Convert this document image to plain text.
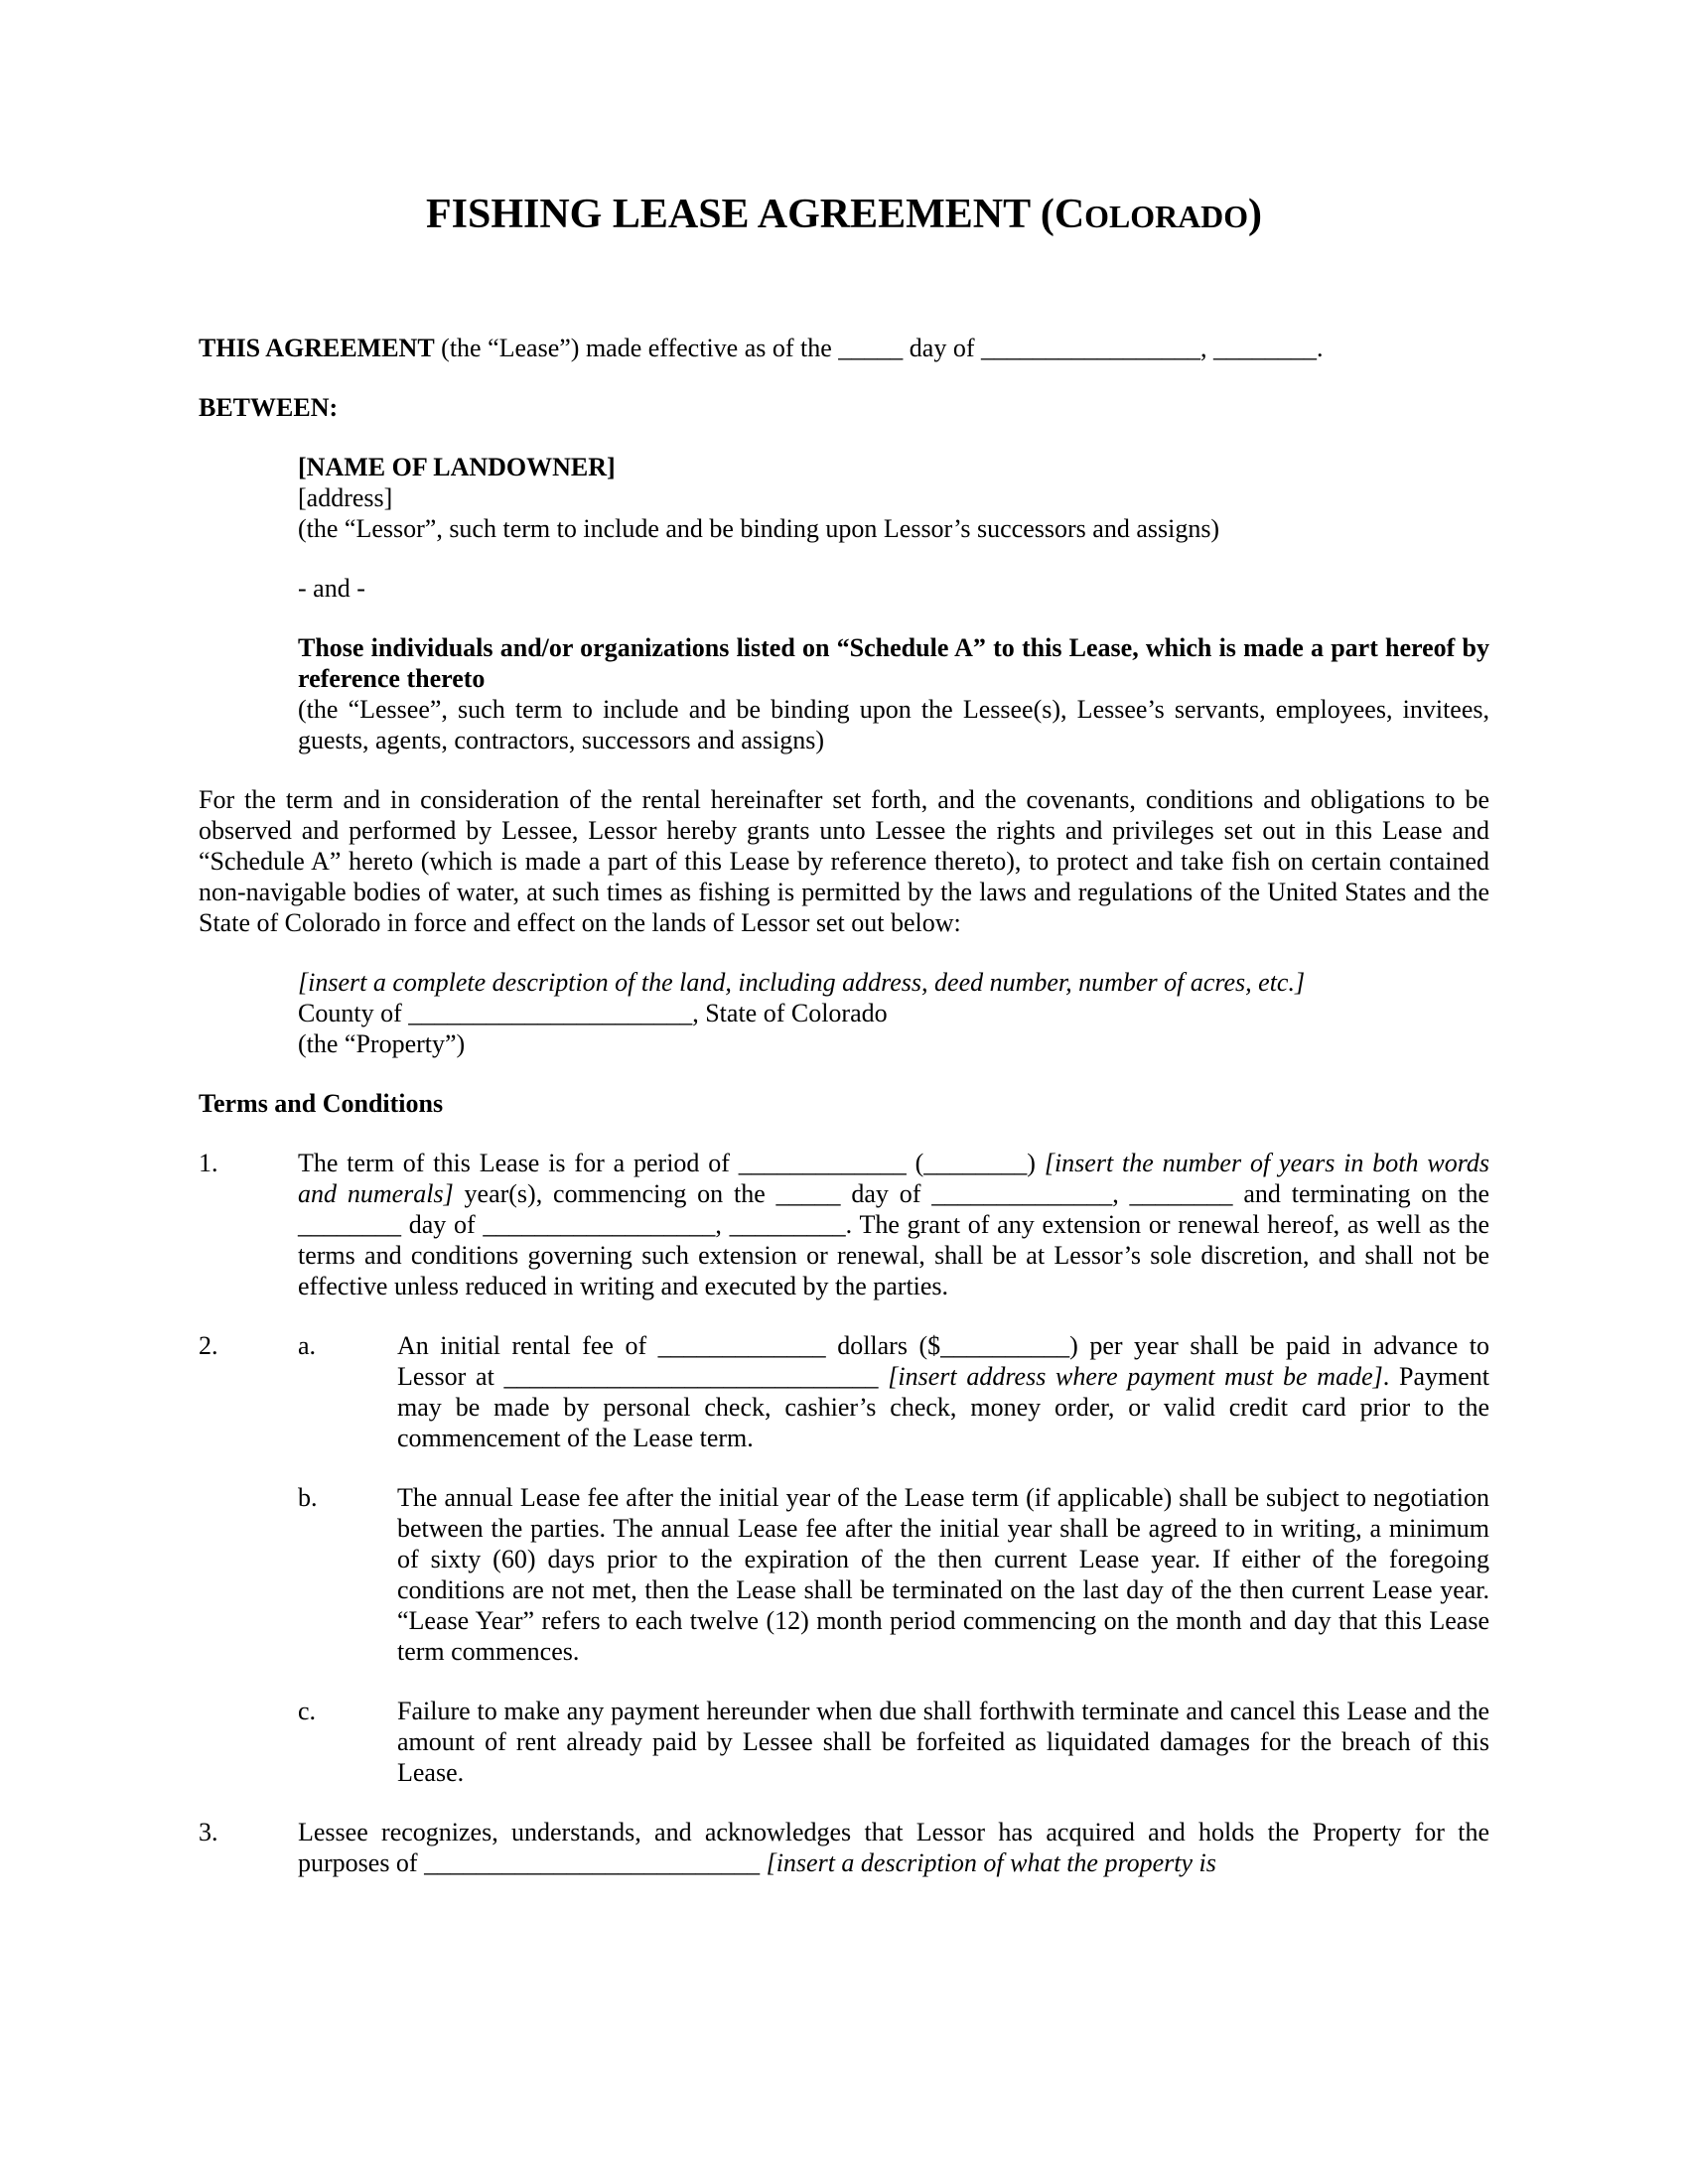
FISHING LEASE AGREEMENT (COLORADO)

THIS AGREEMENT (the “Lease”) made effective as of the _____ day of _________________, ________.

BETWEEN:

[NAME OF LANDOWNER]

[address]

(the “Lessor”, such term to include and be binding upon Lessor’s successors and assigns)

- and -

Those individuals and/or organizations listed on “Schedule A” to this Lease, which is made a part hereof by reference thereto

(the “Lessee”, such term to include and be binding upon the Lessee(s), Lessee’s servants, employees, invitees, guests, agents, contractors, successors and assigns)

For the term and in consideration of the rental hereinafter set forth, and the covenants, conditions and obligations to be observed and performed by Lessee, Lessor hereby grants unto Lessee the rights and privileges set out in this Lease and “Schedule A” hereto (which is made a part of this Lease by reference thereto), to protect and take fish on certain contained non-navigable bodies of water, at such times as fishing is permitted by the laws and regulations of the United States and the State of Colorado in force and effect on the lands of Lessor set out below:

[insert a complete description of the land, including address, deed number, number of acres, etc.]

County of ______________________, State of Colorado

(the “Property”)

Terms and Conditions

1.	The term of this Lease is for a period of _____________ (________) [insert the number of years in both words and numerals] year(s), commencing on the _____ day of ______________, ________ and terminating on the ________ day of __________________, _________. The grant of any extension or renewal hereof, as well as the terms and conditions governing such extension or renewal, shall be at Lessor’s sole discretion, and shall not be effective unless reduced in writing and executed by the parties.
2.	a.	An initial rental fee of _____________ dollars ($__________) per year shall be paid in advance to Lessor at _____________________________ [insert address where payment must be made]. Payment may be made by personal check, cashier’s check, money order, or valid credit card prior to the commencement of the Lease term.
b.	The annual Lease fee after the initial year of the Lease term (if applicable) shall be subject to negotiation between the parties. The annual Lease fee after the initial year shall be agreed to in writing, a minimum of sixty (60) days prior to the expiration of the then current Lease year. If either of the foregoing conditions are not met, then the Lease shall be terminated on the last day of the then current Lease year. “Lease Year” refers to each twelve (12) month period commencing on the month and day that this Lease term commences.
c.	Failure to make any payment hereunder when due shall forthwith terminate and cancel this Lease and the amount of rent already paid by Lessee shall be forfeited as liquidated damages for the breach of this Lease.
3.	Lessee recognizes, understands, and acknowledges that Lessor has acquired and holds the Property for the purposes of __________________________ [insert a description of what the property is
